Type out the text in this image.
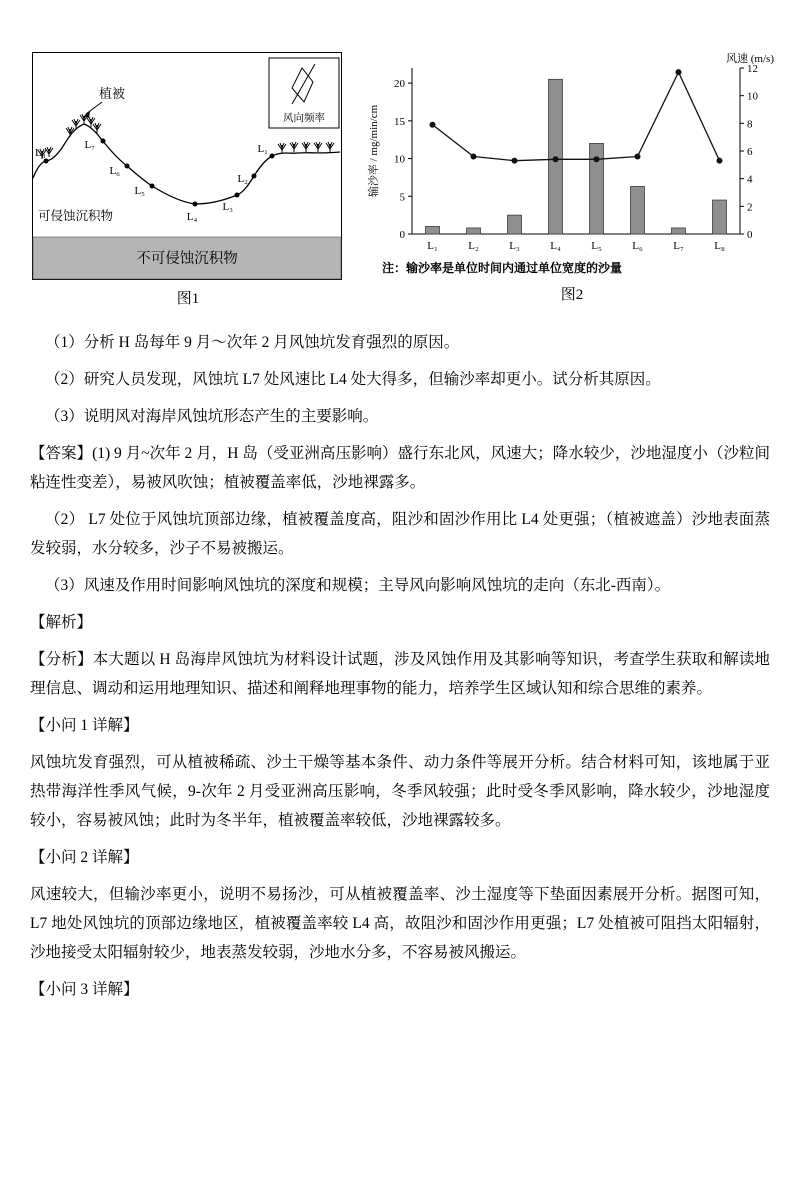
不可侵蚀沉积物
可侵蚀沉积物
植被
L₈
L₇
L₆
L₅
L₄
L₃
L₂
L₁
风向频率
图1
0
5
10
15
20
0
2
4
6
8
10
12
L₁	L₂	L₃	L₄	L₅	L₆	L₇	L₈
输沙率 / mg/min/cm
风速 (m/s)
注：输沙率是单位时间内通过单位宽度的沙量
图2

（1）分析 H 岛每年 9 月～次年 2 月风蚀坑发育强烈的原因。

（2）研究人员发现，风蚀坑 L7 处风速比 L4 处大得多，但输沙率却更小。试分析其原因。

（3）说明风对海岸风蚀坑形态产生的主要影响。

【答案】(1) 9 月~次年 2 月，H 岛（受亚洲高压影响）盛行东北风，风速大；降水较少，沙地湿度小（沙粒间粘连性变差），易被风吹蚀；植被覆盖率低，沙地裸露多。

（2） L7 处位于风蚀坑顶部边缘，植被覆盖度高，阻沙和固沙作用比 L4 处更强；（植被遮盖）沙地表面蒸发较弱，水分较多，沙子不易被搬运。

（3）风速及作用时间影响风蚀坑的深度和规模；主导风向影响风蚀坑的走向（东北-西南）。

【解析】

【分析】本大题以 H 岛海岸风蚀坑为材料设计试题，涉及风蚀作用及其影响等知识，考查学生获取和解读地理信息、调动和运用地理知识、描述和阐释地理事物的能力，培养学生区域认知和综合思维的素养。

【小问 1 详解】

风蚀坑发育强烈，可从植被稀疏、沙土干燥等基本条件、动力条件等展开分析。结合材料可知，该地属于亚热带海洋性季风气候，9-次年 2 月受亚洲高压影响，冬季风较强；此时受冬季风影响，降水较少，沙地湿度较小，容易被风蚀；此时为冬半年，植被覆盖率较低，沙地裸露较多。

【小问 2 详解】

风速较大，但输沙率更小，说明不易扬沙，可从植被覆盖率、沙土湿度等下垫面因素展开分析。据图可知，L7 地处风蚀坑的顶部边缘地区，植被覆盖率较 L4 高，故阻沙和固沙作用更强；L7 处植被可阻挡太阳辐射，沙地接受太阳辐射较少，地表蒸发较弱，沙地水分多，不容易被风搬运。

【小问 3 详解】
